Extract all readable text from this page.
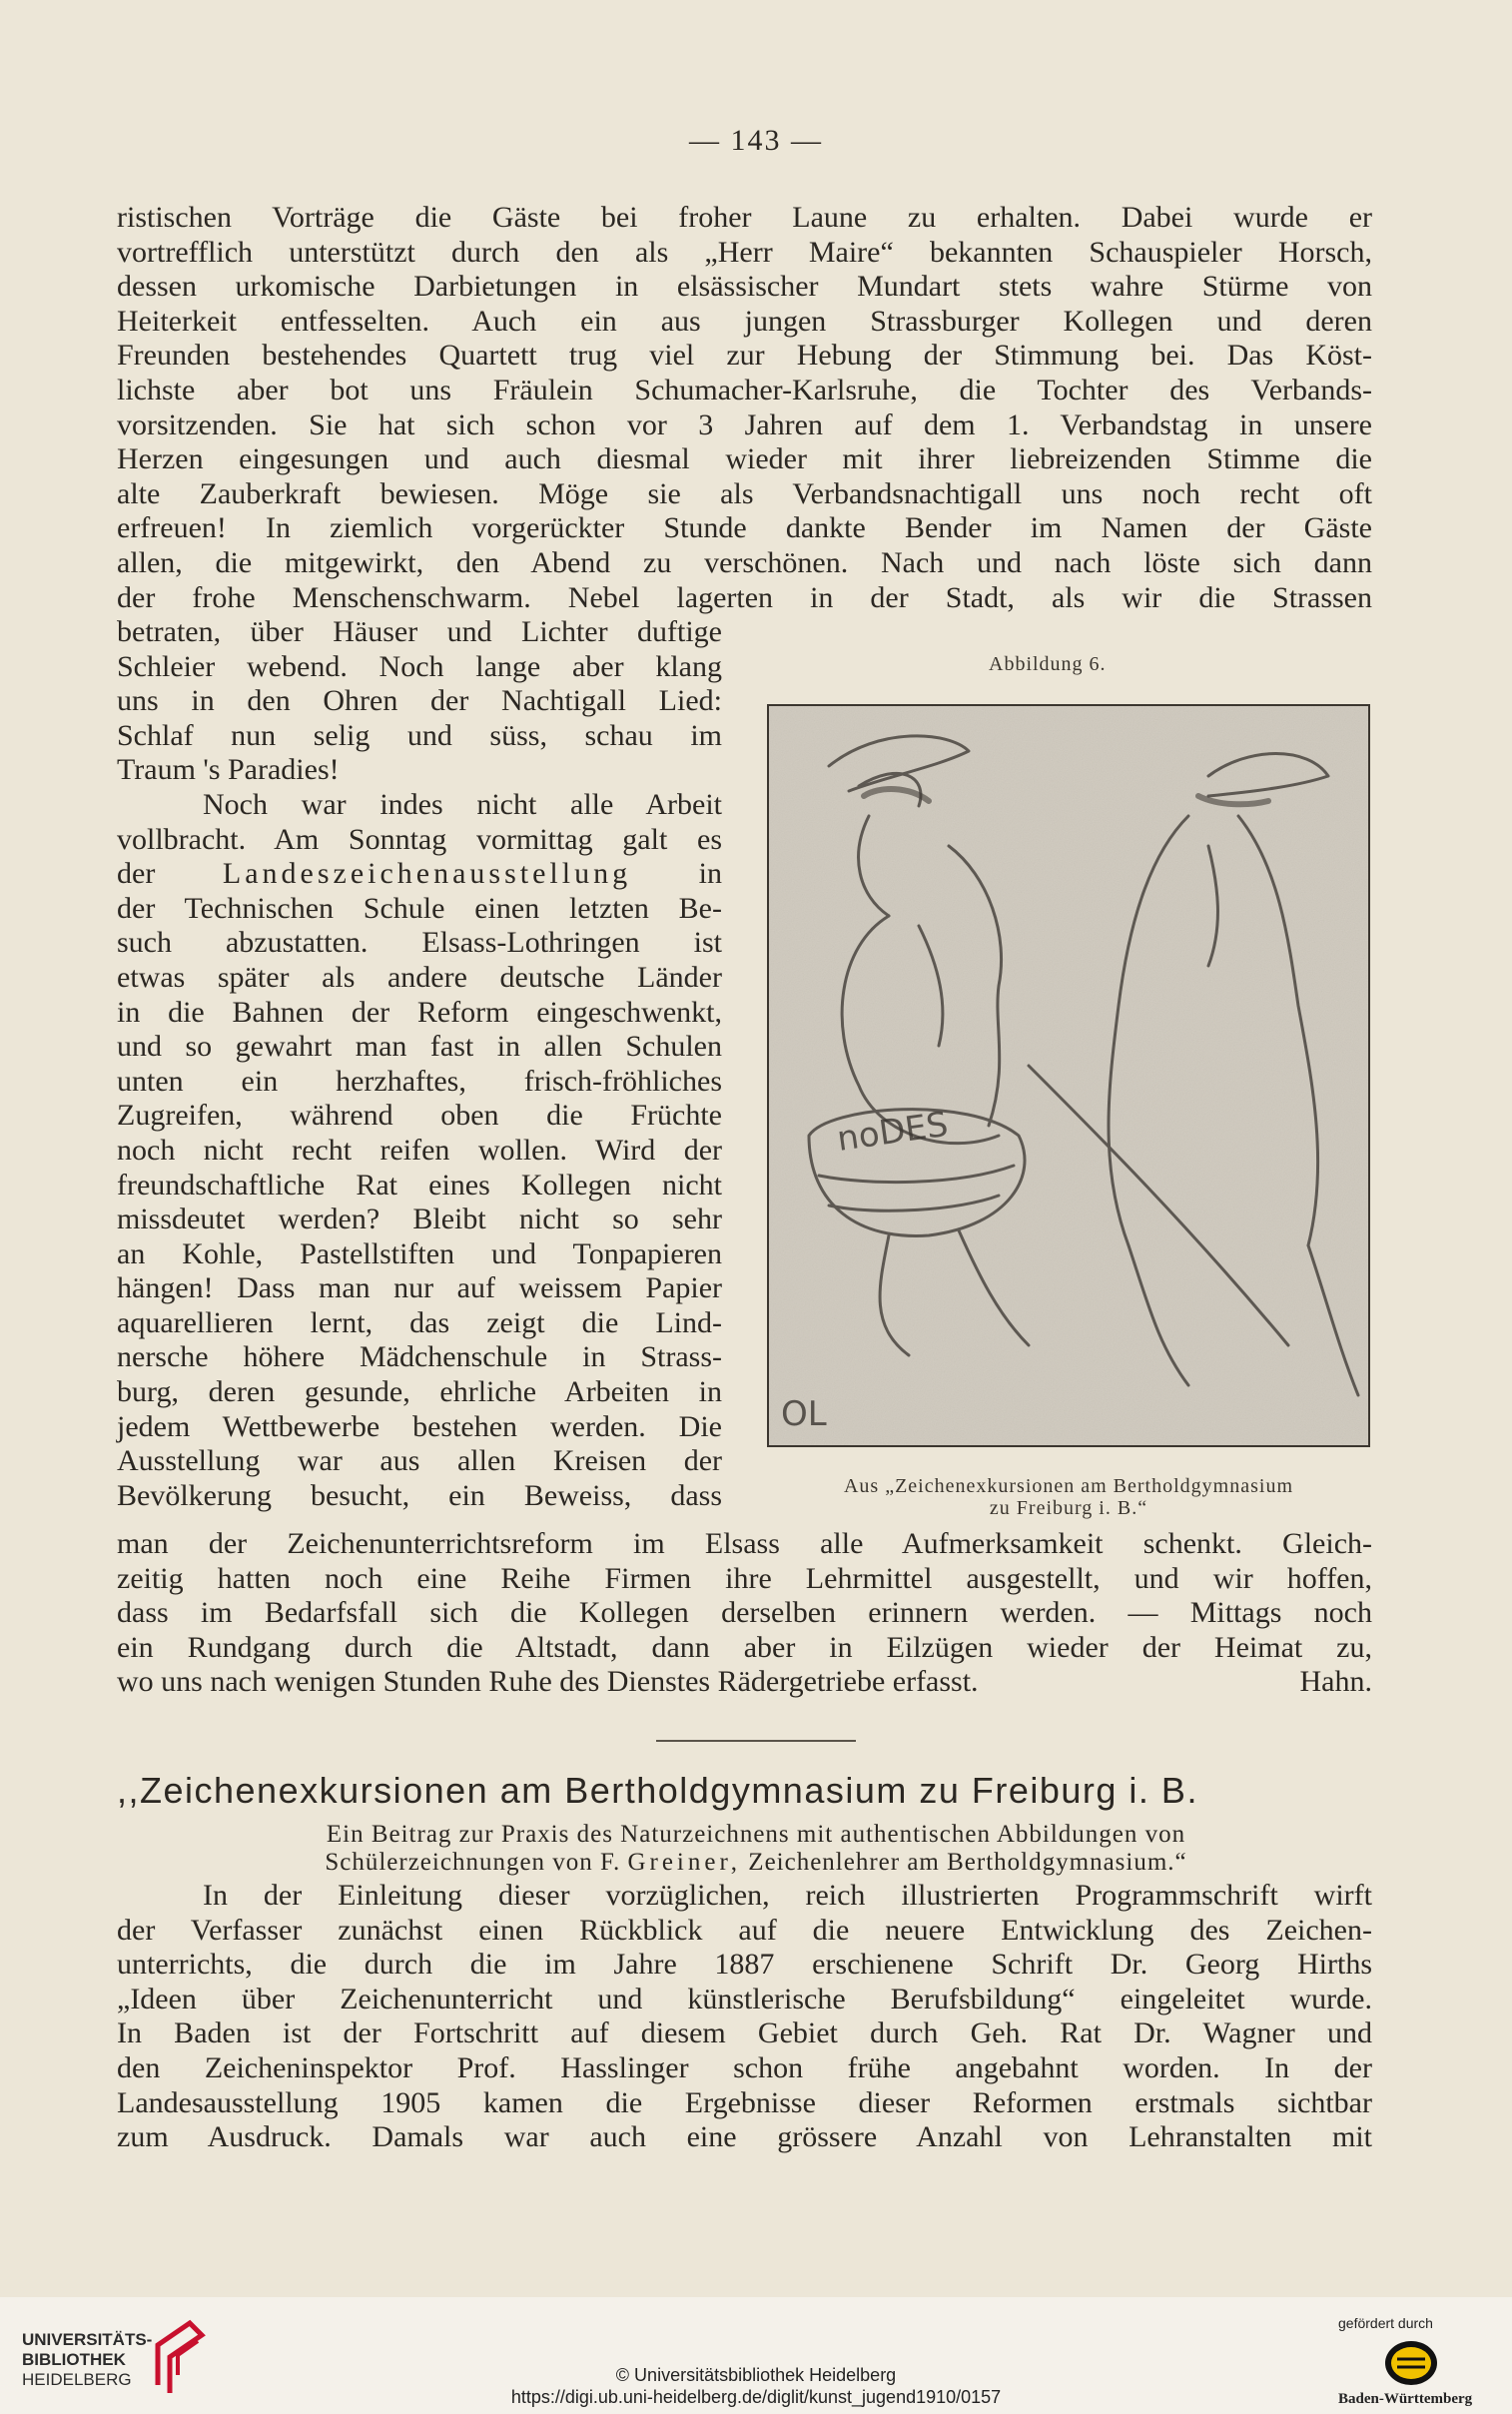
— 143 —
ristischen Vorträge die Gäste bei froher Laune zu erhalten. Dabei wurde er
vortrefflich unterstützt durch den als „Herr Maire“ bekannten Schauspieler Horsch,
dessen urkomische Darbietungen in elsässischer Mundart stets wahre Stürme von
Heiterkeit entfesselten. Auch ein aus jungen Strassburger Kollegen und deren
Freunden bestehendes Quartett trug viel zur Hebung der Stimmung bei. Das Köst-
lichste aber bot uns Fräulein Schumacher-Karlsruhe, die Tochter des Verbands-
vorsitzenden. Sie hat sich schon vor 3 Jahren auf dem 1. Verbandstag in unsere
Herzen eingesungen und auch diesmal wieder mit ihrer liebreizenden Stimme die
alte Zauberkraft bewiesen. Möge sie als Verbandsnachtigall uns noch recht oft
erfreuen! In ziemlich vorgerückter Stunde dankte Bender im Namen der Gäste
allen, die mitgewirkt, den Abend zu verschönen. Nach und nach löste sich dann
der frohe Menschenschwarm. Nebel lagerten in der Stadt, als wir die Strassen
betraten, über Häuser und Lichter duftige
Schleier webend. Noch lange aber klang
uns in den Ohren der Nachtigall Lied:
Schlaf nun selig und süss, schau im
Traum 's Paradies!
Noch war indes nicht alle Arbeit
vollbracht. Am Sonntag vormittag galt es
der Landeszeichenausstellung in
der Technischen Schule einen letzten Be-
such abzustatten. Elsass-Lothringen ist
etwas später als andere deutsche Länder
in die Bahnen der Reform eingeschwenkt,
und so gewahrt man fast in allen Schulen
unten ein herzhaftes, frisch-fröhliches
Zugreifen, während oben die Früchte
noch nicht recht reifen wollen. Wird der
freundschaftliche Rat eines Kollegen nicht
missdeutet werden? Bleibt nicht so sehr
an Kohle, Pastellstiften und Tonpapieren
hängen! Dass man nur auf weissem Papier
aquarellieren lernt, das zeigt die Lind-
nersche höhere Mädchenschule in Strass-
burg, deren gesunde, ehrliche Arbeiten in
jedem Wettbewerbe bestehen werden. Die
Ausstellung war aus allen Kreisen der
Bevölkerung besucht, ein Beweiss, dass
Abbildung 6.
noDES
OL
Aus „Zeichenexkursionen am Bertholdgymnasium
zu Freiburg i. B.“
man der Zeichenunterrichtsreform im Elsass alle Aufmerksamkeit schenkt. Gleich-
zeitig hatten noch eine Reihe Firmen ihre Lehrmittel ausgestellt, und wir hoffen,
dass im Bedarfsfall sich die Kollegen derselben erinnern werden. — Mittags noch
ein Rundgang durch die Altstadt, dann aber in Eilzügen wieder der Heimat zu,
wo uns nach wenigen Stunden Ruhe des Dienstes Rädergetriebe erfasst.	Hahn.
,,Zeichenexkursionen am Bertholdgymnasium zu Freiburg i. B.
Ein Beitrag zur Praxis des Naturzeichnens mit authentischen Abbildungen von
Schülerzeichnungen von F. Greiner, Zeichenlehrer am Bertholdgymnasium.“
In der Einleitung dieser vorzüglichen, reich illustrierten Programmschrift wirft
der Verfasser zunächst einen Rückblick auf die neuere Entwicklung des Zeichen-
unterrichts, die durch die im Jahre 1887 erschienene Schrift Dr. Georg Hirths
„Ideen über Zeichenunterricht und künstlerische Berufsbildung“ eingeleitet wurde.
In Baden ist der Fortschritt auf diesem Gebiet durch Geh. Rat Dr. Wagner und
den Zeicheninspektor Prof. Hasslinger schon frühe angebahnt worden. In der
Landesausstellung 1905 kamen die Ergebnisse dieser Reformen erstmals sichtbar
zum Ausdruck. Damals war auch eine grössere Anzahl von Lehranstalten mit
UNIVERSITÄTS-
BIBLIOTHEK
HEIDELBERG	© Universitätsbibliothek Heidelberg
https://digi.ub.uni-heidelberg.de/diglit/kunst_jugend1910/0157
gefördert durch
Baden-Württemberg
